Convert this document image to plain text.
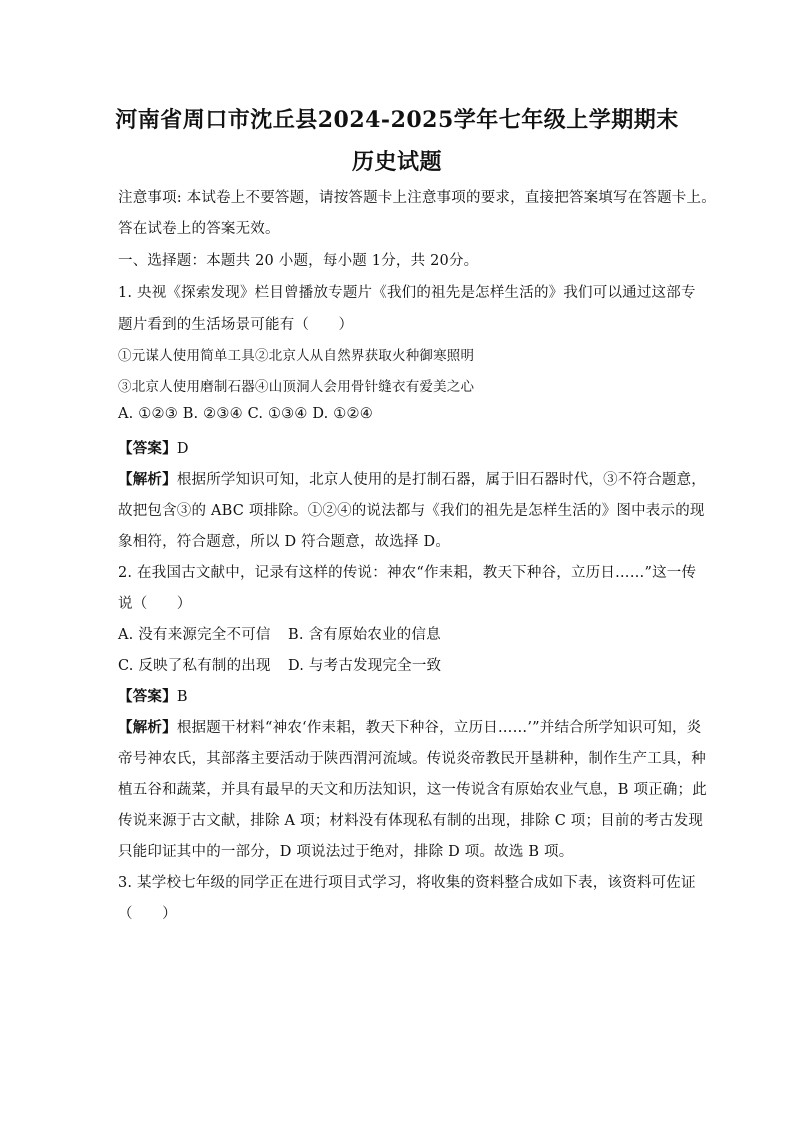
河南省周口市沈丘县2024-2025学年七年级上学期期末
历史试题
注意事项: 本试卷上不要答题，请按答题卡上注意事项的要求，直接把答案填写在答题卡上。
答在试卷上的答案无效。
一、选择题：本题共 20 小题，每小题 1分，共 20分。
1. 央视《探索发现》栏目曾播放专题片《我们的祖先是怎样生活的》我们可以通过这部专
题片看到的生活场景可能有（　　）
①元谋人使用简单工具②北京人从自然界获取火种御寒照明
③北京人使用磨制石器④山顶洞人会用骨针缝衣有爱美之心
A. ①②③ B. ②③④ C. ①③④ D. ①②④
【答案】D
【解析】根据所学知识可知，北京人使用的是打制石器，属于旧石器时代，③不符合题意，
故把包含③的 ABC 项排除。①②④的说法都与《我们的祖先是怎样生活的》图中表示的现
象相符，符合题意，所以 D 符合题意，故选择 D。
2. 在我国古文献中，记录有这样的传说：神农“作耒耜，教天下种谷，立历日……”这一传
说（　　）
A. 没有来源完全不可信 B. 含有原始农业的信息
C. 反映了私有制的出现 D. 与考古发现完全一致
【答案】B
【解析】根据题干材料“神农‘作耒耜，教天下种谷，立历日……’”并结合所学知识可知，炎
帝号神农氏，其部落主要活动于陕西渭河流域。传说炎帝教民开垦耕种，制作生产工具，种
植五谷和蔬菜，并具有最早的天文和历法知识，这一传说含有原始农业气息，B 项正确；此
传说来源于古文献，排除 A 项；材料没有体现私有制的出现，排除 C 项；目前的考古发现
只能印证其中的一部分，D 项说法过于绝对，排除 D 项。故选 B 项。
3. 某学校七年级的同学正在进行项目式学习，将收集的资料整合成如下表，该资料可佐证
（　　）
